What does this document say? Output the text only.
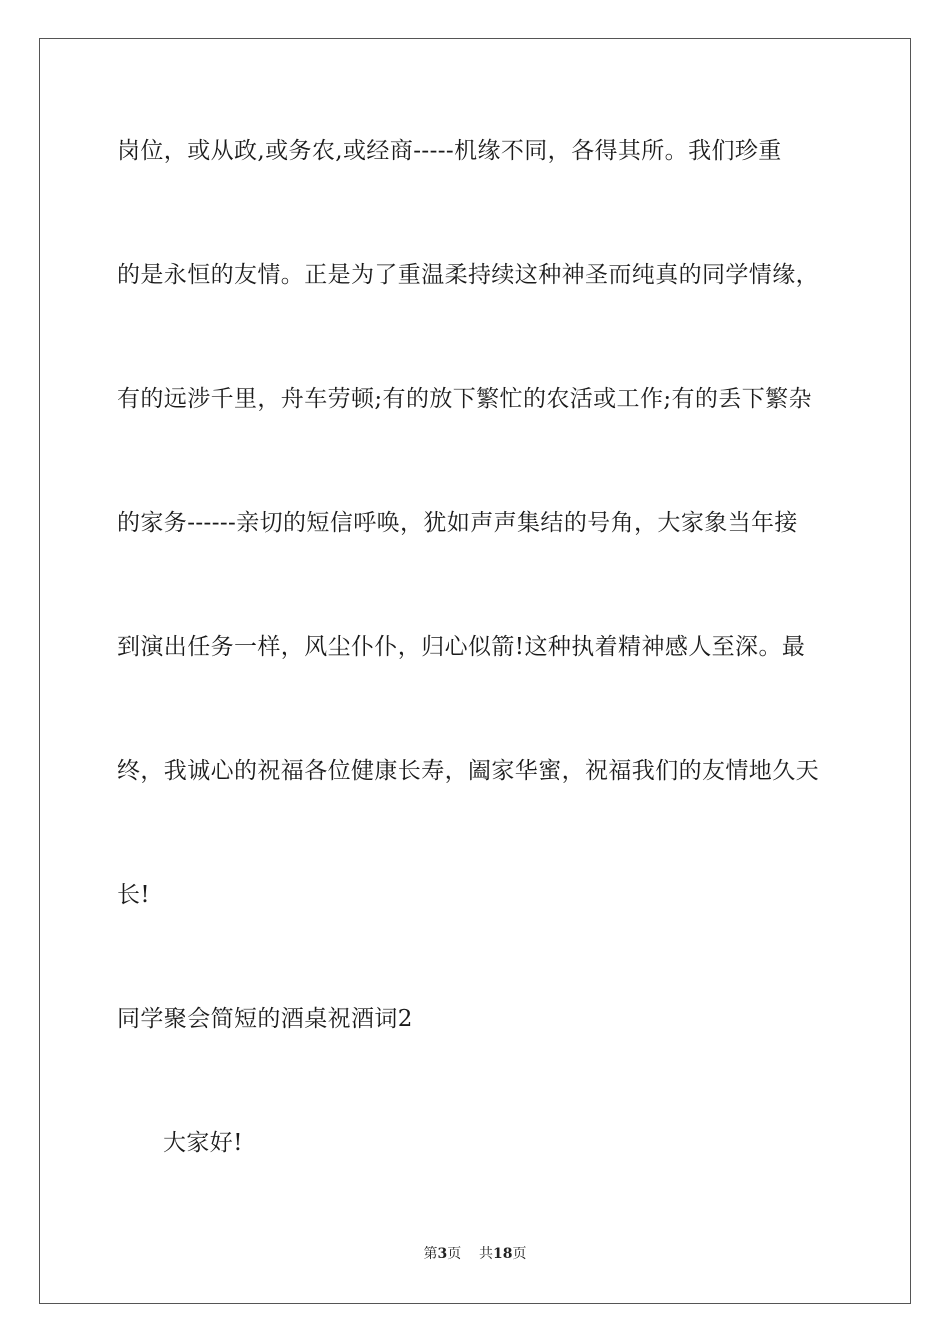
岗位，或从政,或务农,或经商-----机缘不同，各得其所。我们珍重
的是永恒的友情。正是为了重温柔持续这种神圣而纯真的同学情缘，
有的远涉千里，舟车劳顿;有的放下繁忙的农活或工作;有的丢下繁杂
的家务------亲切的短信呼唤，犹如声声集结的号角，大家象当年接
到演出任务一样，风尘仆仆，归心似箭!这种执着精神感人至深。最
终，我诚心的祝福各位健康长寿，阖家华蜜，祝福我们的友情地久天
长!
同学聚会简短的酒桌祝酒词2
大家好!
第3页 共18页
